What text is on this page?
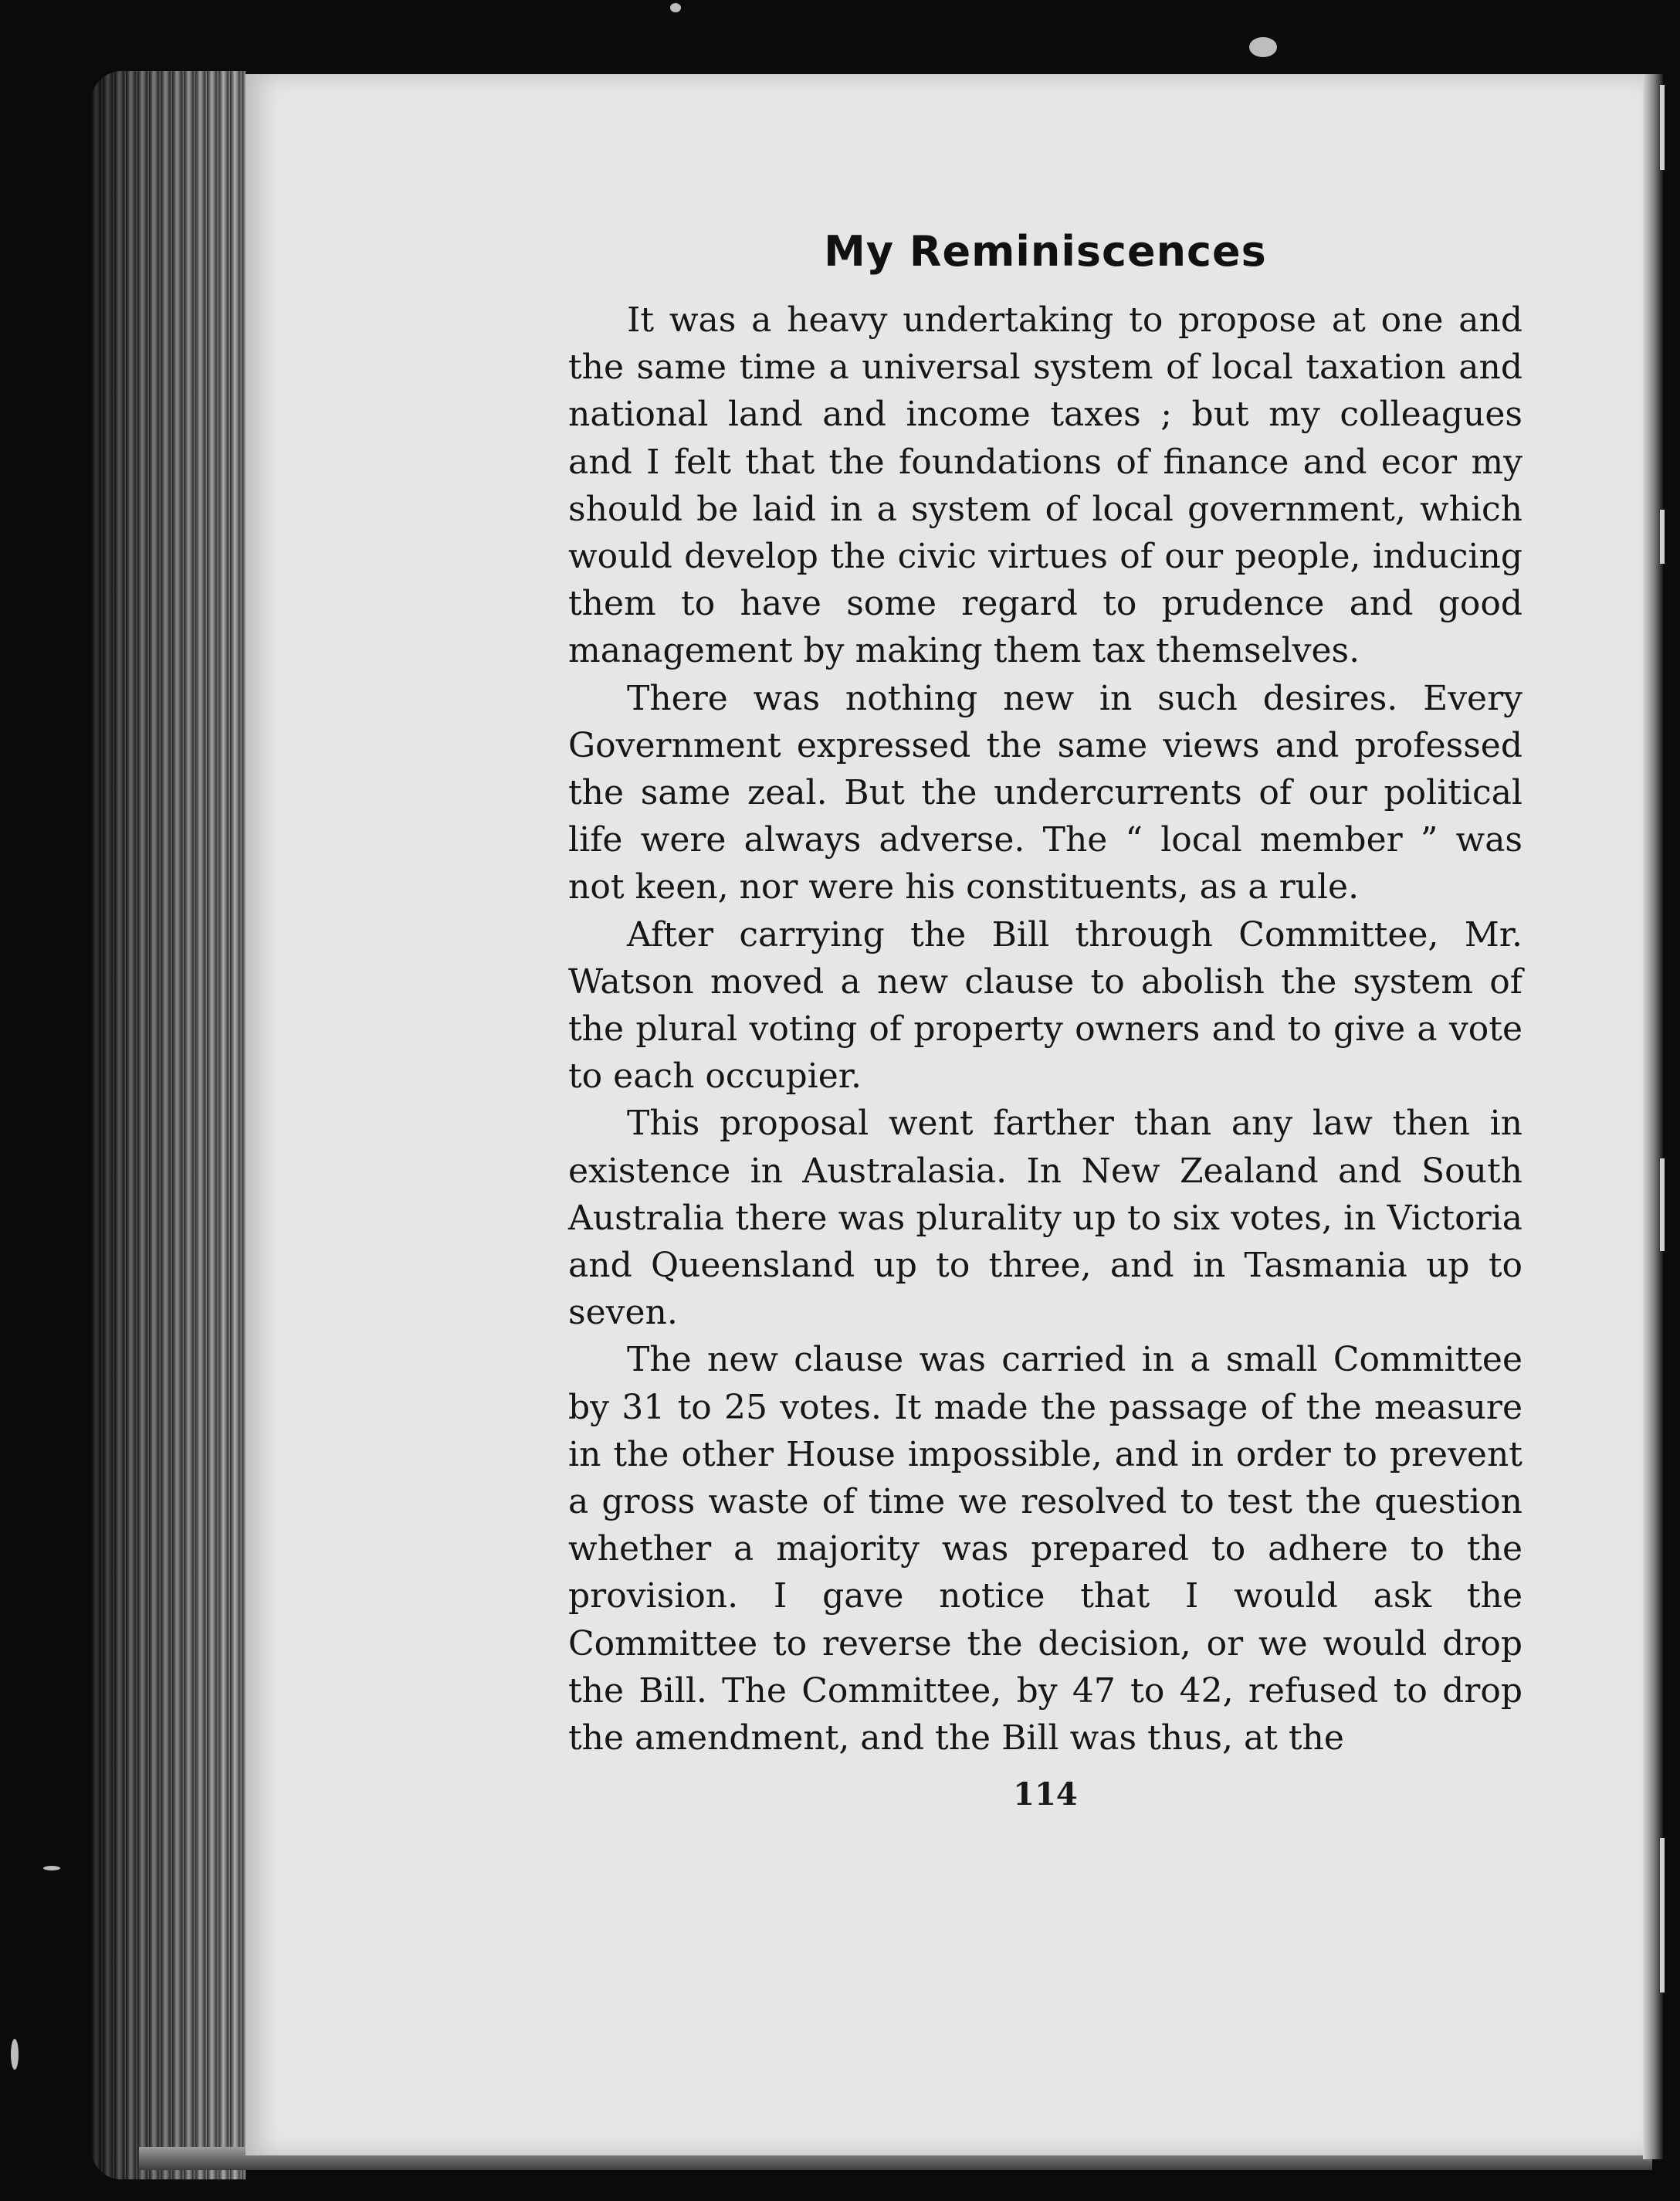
My Reminiscences

It was a heavy undertaking to propose at one and the same time a universal system of local taxation and national land and income taxes ; but my colleagues and I felt that the foundations of finance and ecor my should be laid in a system of local government, which would develop the civic virtues of our people, inducing them to have some regard to prudence and good management by making them tax themselves.

There was nothing new in such desires. Every Government expressed the same views and professed the same zeal. But the undercurrents of our political life were always adverse. The “ local member ” was not keen, nor were his constituents, as a rule.

After carrying the Bill through Committee, Mr. Watson moved a new clause to abolish the system of the plural voting of property owners and to give a vote to each occupier.

This proposal went farther than any law then in existence in Australasia. In New Zealand and South Australia there was plurality up to six votes, in Victoria and Queensland up to three, and in Tasmania up to seven.

The new clause was carried in a small Committee by 31 to 25 votes. It made the passage of the measure in the other House impossible, and in order to prevent a gross waste of time we resolved to test the question whether a majority was prepared to adhere to the provision. I gave notice that I would ask the Committee to reverse the decision, or we would drop the Bill. The Committee, by 47 to 42, refused to drop the amendment, and the Bill was thus, at the

114
